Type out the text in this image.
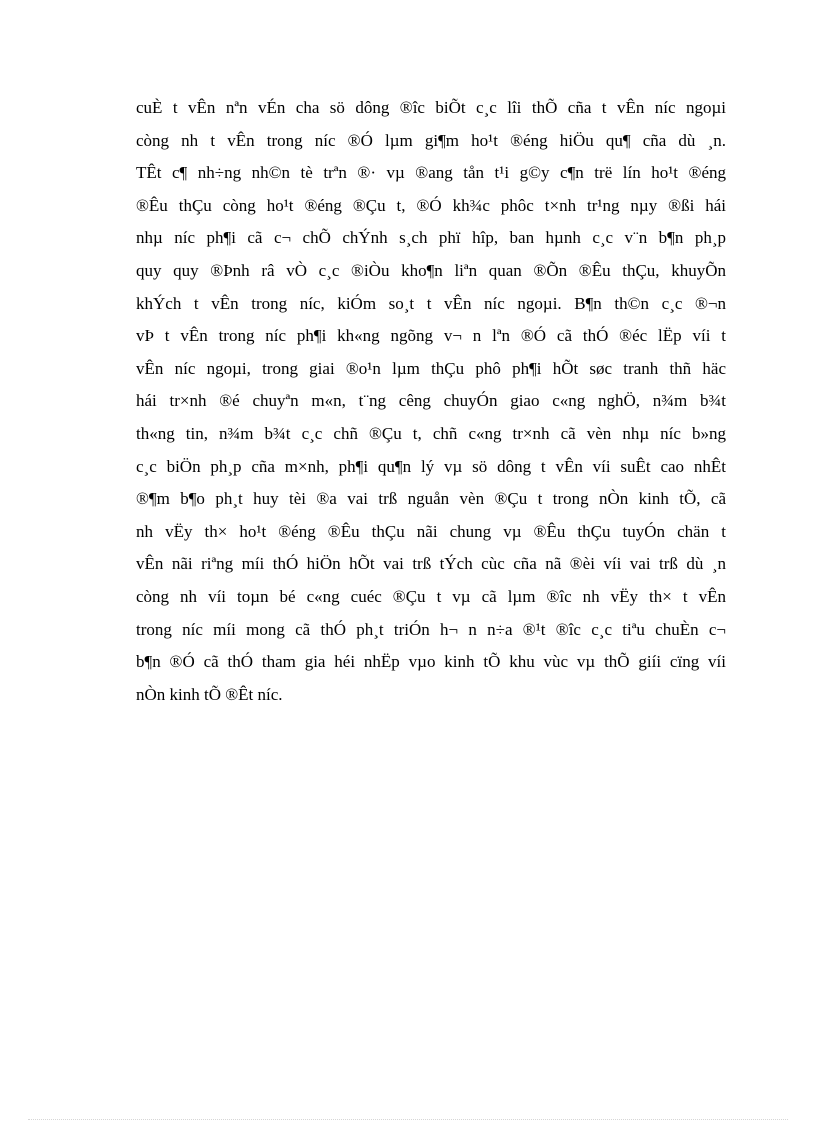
cuÈ t vÊn nªn vÉn cha sö dông ®îc biÕt c¸c lîi thÕ cña t vÊn níc ngoµi
còng nh t vÊn trong níc ®Ó lµm gi¶m ho¹t ®éng hiÖu qu¶ cña dù ¸n.
TÊt c¶ nh÷ng nh©n tè trªn ®· vµ ®ang tån t¹i g©y c¶n trë lín ho¹t ®éng
®Êu thÇu còng ho¹t ®éng ®Çu t, ®Ó kh¾c phôc t×nh tr¹ng nµy ®ßi hái
nhµ níc ph¶i cã c¬ chÕ chÝnh s¸ch phï hîp, ban hµnh c¸c v¨n b¶n ph¸p
quy quy ®Þnh râ vÒ c¸c ®iÒu kho¶n liªn quan ®Õn ®Êu thÇu, khuyÕn
khÝch t vÊn trong níc, kiÓm so¸t t vÊn níc ngoµi. B¶n th©n c¸c ®¬n
vÞ t vÊn trong níc ph¶i kh«ng ngõng v¬ n lªn ®Ó cã thÓ ®éc lËp víi t
vÊn níc ngoµi, trong giai ®o¹n lµm thÇu phô ph¶i hÕt søc tranh thñ häc
hái tr×nh ®é chuyªn m«n, t¨ng cêng chuyÓn giao c«ng nghÖ, n¾m b¾t
th«ng tin, n¾m b¾t c¸c chñ ®Çu t, chñ c«ng tr×nh cã vèn nhµ níc b»ng
c¸c biÖn ph¸p cña m×nh, ph¶i qu¶n lý vµ sö dông t vÊn víi suÊt cao nhÊt
®¶m b¶o ph¸t huy tèi ®a vai trß nguån vèn ®Çu t trong nÒn kinh tÕ, cã
nh vËy th× ho¹t ®éng ®Êu thÇu nãi chung vµ ®Êu thÇu tuyÓn chän t
vÊn nãi riªng míi thÓ hiÖn hÕt vai trß tÝch cùc cña nã ®èi víi vai trß dù ¸n
còng nh víi toµn bé c«ng cuéc ®Çu t vµ cã lµm ®îc nh vËy th× t vÊn
trong níc míi mong cã thÓ ph¸t triÓn h¬ n n÷a ®¹t ®îc c¸c tiªu chuÈn c¬
b¶n ®Ó cã thÓ tham gia héi nhËp vµo kinh tÕ khu vùc vµ thÕ giíi cïng víi
nÒn kinh tÕ ®Êt níc.
